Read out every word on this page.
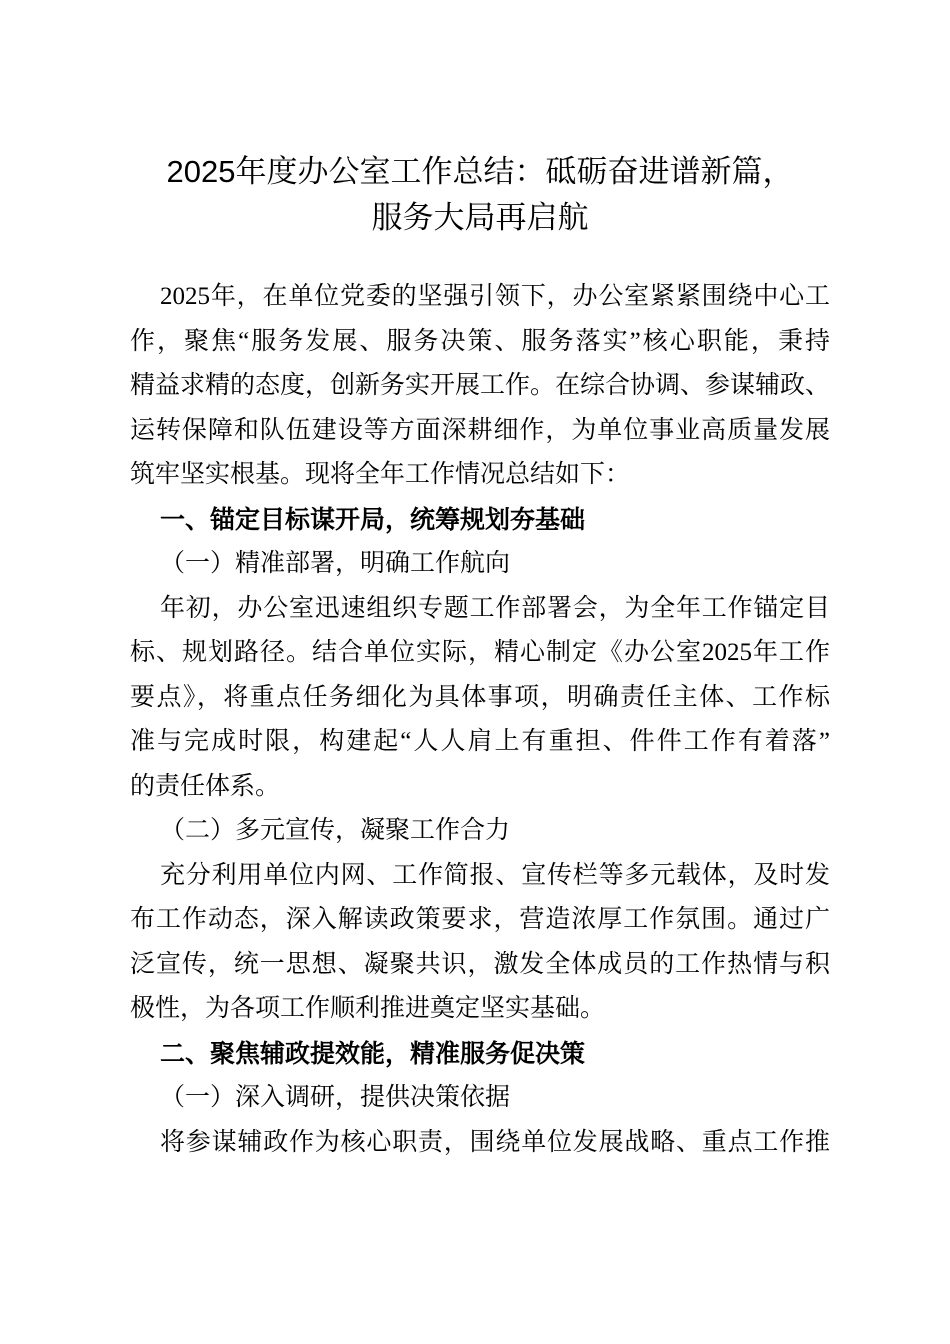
2025年度办公室工作总结：砥砺奋进谱新篇，
服务大局再启航
2025年，在单位党委的坚强引领下，办公室紧紧围绕中心工
作，聚焦“服务发展、服务决策、服务落实”核心职能，秉持
精益求精的态度，创新务实开展工作。在综合协调、参谋辅政、
运转保障和队伍建设等方面深耕细作，为单位事业高质量发展
筑牢坚实根基。现将全年工作情况总结如下：
一、锚定目标谋开局，统筹规划夯基础
（一）精准部署，明确工作航向
年初，办公室迅速组织专题工作部署会，为全年工作锚定目
标、规划路径。结合单位实际，精心制定《办公室2025年工作
要点》，将重点任务细化为具体事项，明确责任主体、工作标
准与完成时限，构建起“人人肩上有重担、件件工作有着落”
的责任体系。
（二）多元宣传，凝聚工作合力
充分利用单位内网、工作简报、宣传栏等多元载体，及时发
布工作动态，深入解读政策要求，营造浓厚工作氛围。通过广
泛宣传，统一思想、凝聚共识，激发全体成员的工作热情与积
极性，为各项工作顺利推进奠定坚实基础。
二、聚焦辅政提效能，精准服务促决策
（一）深入调研，提供决策依据
将参谋辅政作为核心职责，围绕单位发展战略、重点工作推
